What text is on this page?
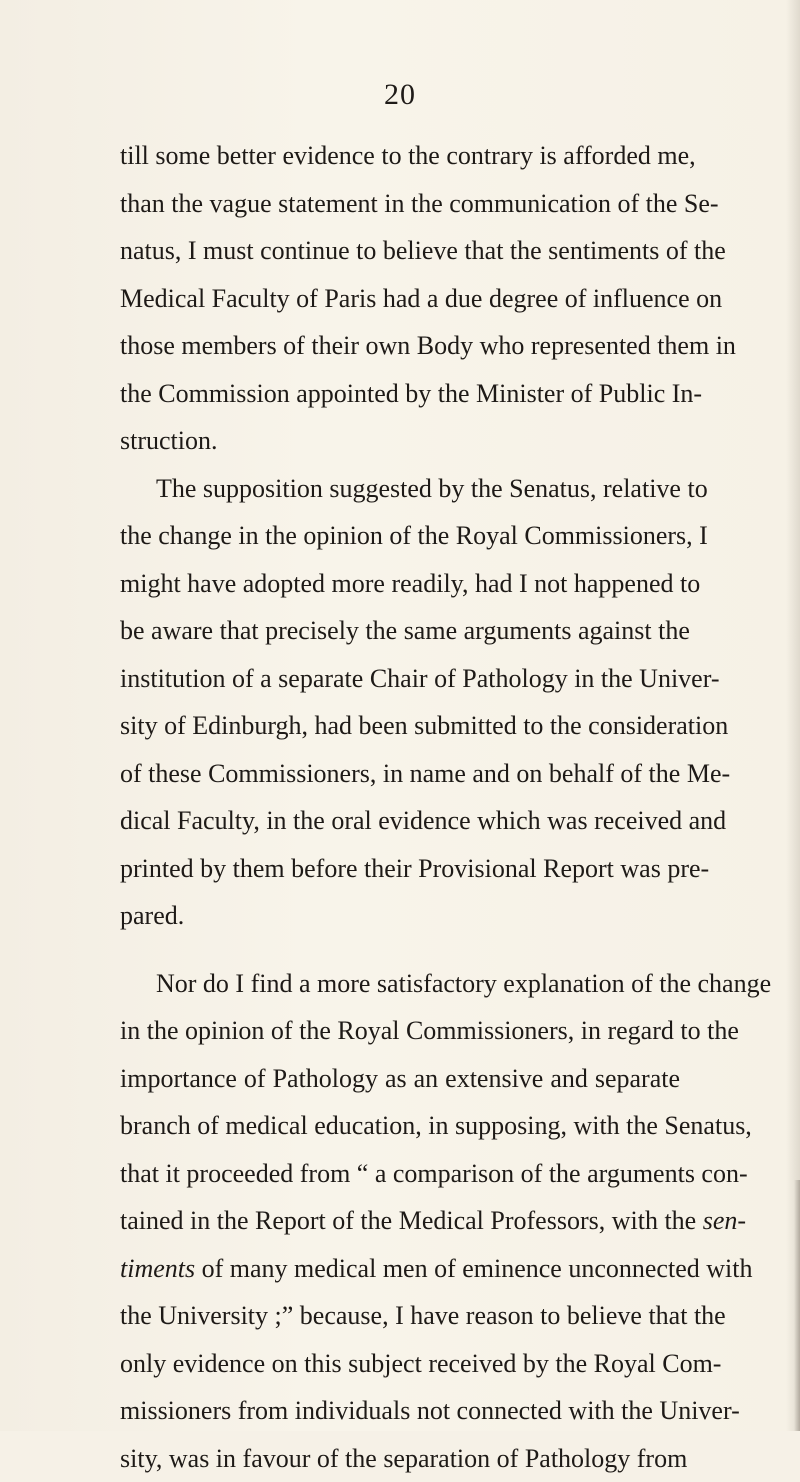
20
till some better evidence to the contrary is afforded me,
than the vague statement in the communication of the Se-
natus, I must continue to believe that the sentiments of the
Medical Faculty of Paris had a due degree of influence on
those members of their own Body who represented them in
the Commission appointed by the Minister of Public In-
struction.
The supposition suggested by the Senatus, relative to
the change in the opinion of the Royal Commissioners, I
might have adopted more readily, had I not happened to
be aware that precisely the same arguments against the
institution of a separate Chair of Pathology in the Univer-
sity of Edinburgh, had been submitted to the consideration
of these Commissioners, in name and on behalf of the Me-
dical Faculty, in the oral evidence which was received and
printed by them before their Provisional Report was pre-
pared.
Nor do I find a more satisfactory explanation of the change
in the opinion of the Royal Commissioners, in regard to the
importance of Pathology as an extensive and separate
branch of medical education, in supposing, with the Senatus,
that it proceeded from “ a comparison of the arguments con-
tained in the Report of the Medical Professors, with the sen-
timents of many medical men of eminence unconnected with
the University ;” because, I have reason to believe that the
only evidence on this subject received by the Royal Com-
missioners from individuals not connected with the Univer-
sity, was in favour of the separation of Pathology from
